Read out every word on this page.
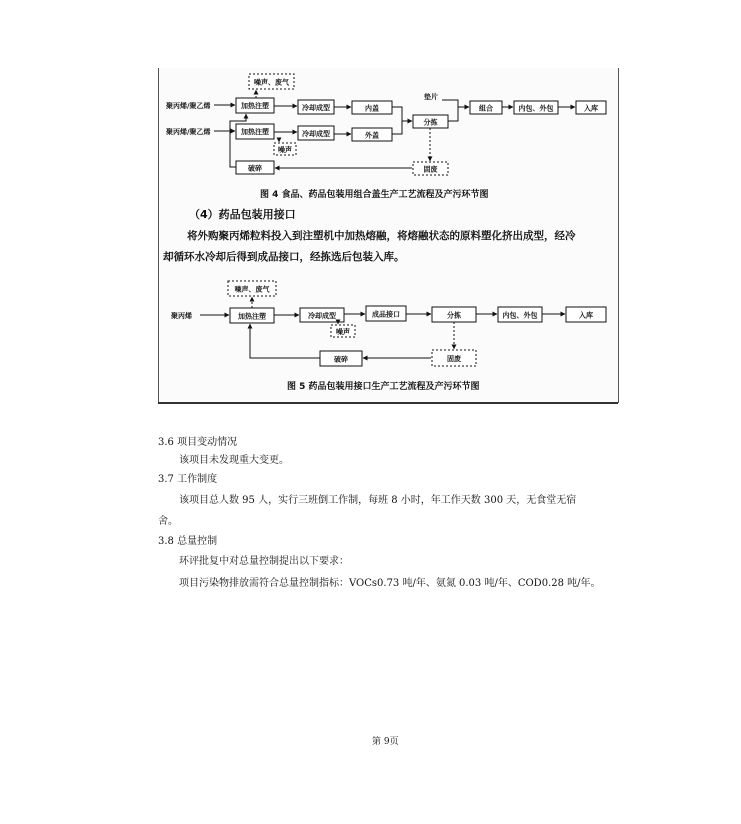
噪声、废气
聚丙烯/聚乙烯
聚丙烯/聚乙烯
加热注塑
加热注塑
冷却成型
冷却成型
内盖
外盖
垫片
分拣
组合	内包、外包	入库
噪声
破碎	固废
噪声、废气
聚丙烯	加热注塑	冷却成型	成品接口	分拣	内包、外包	入库
噪声
破碎	固废
图 4 食品、药品包装用组合盖生产工艺流程及产污环节图
（4）药品包装用接口
将外购聚丙烯粒料投入到注塑机中加热熔融，将熔融状态的原料塑化挤出成型，经冷
却循环水冷却后得到成品接口，经拣选后包装入库。
图 5 药品包装用接口生产工艺流程及产污环节图
3.6 项目变动情况
该项目未发现重大变更。
3.7 工作制度
该项目总人数 95 人，实行三班倒工作制，每班 8 小时，年工作天数 300 天，无食堂无宿
舍。
3.8 总量控制
环评批复中对总量控制提出以下要求：
项目污染物排放需符合总量控制指标：VOCs0.73 吨/年、氨氮 0.03 吨/年、COD0.28 吨/年。
第 9页
